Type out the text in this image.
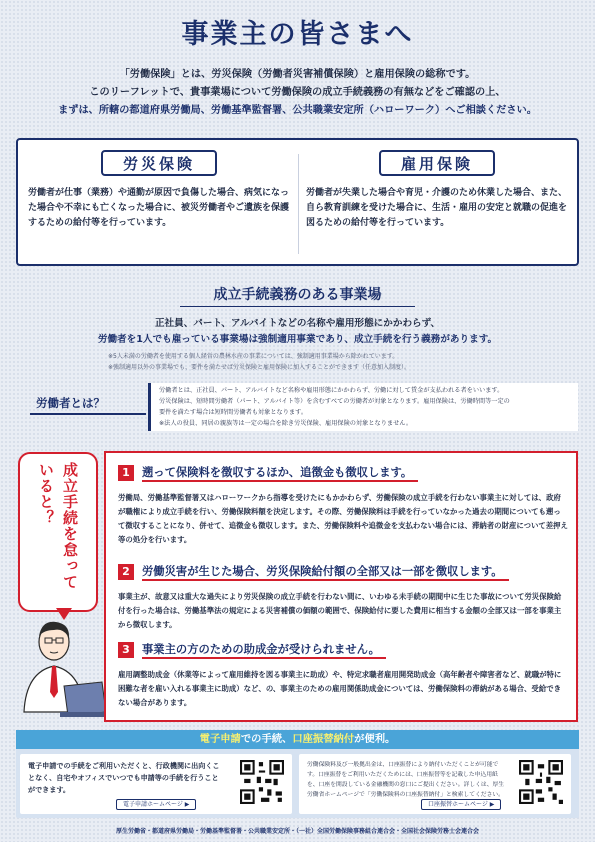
事業主の皆さまへ
「労働保険」とは、労災保険（労働者災害補償保険）と雇用保険の総称です。
このリーフレットで、貴事業場について労働保険の成立手続義務の有無などをご確認の上、
まずは、所轄の都道府県労働局、労働基準監督署、公共職業安定所（ハローワーク）へご相談ください。
労災保険
労働者が仕事（業務）や通勤が原因で負傷した場合、病気になった場合や不幸にも亡くなった場合に、被災労働者やご遺族を保護するための給付等を行っています。
雇用保険
労働者が失業した場合や育児・介護のため休業した場合、また、自ら教育訓練を受けた場合に、生活・雇用の安定と就職の促進を図るための給付等を行っています。
成立手続義務のある事業場
正社員、パート、アルバイトなどの名称や雇用形態にかかわらず、
労働者を1人でも雇っている事業場は強制適用事業であり、成立手続を行う義務があります。
※5人未満の労働者を使用する個人経営の農林水産の事業については、強制適用事業場から除かれています。
※強制適用以外の事業場でも、要件を満たせば労災保険と雇用保険に加入することができます（任意加入制度）。
労働者とは？
労働者とは、正社員、パート、アルバイトなど名称や雇用形態にかかわらず、労働に対して賃金が支払われる者をいいます。
労災保険は、短時間労働者（パート、アルバイト等）を含むすべての労働者が対象となります。雇用保険は、労働時間等一定の
要件を満たす場合は短時間労働者も対象となります。
※法人の役員、同居の親族等は一定の場合を除き労災保険、雇用保険の対象となりません。
成立手続を怠っていると？	1	遡って保険料を徴収するほか、追徴金も徴収します。
労働局、労働基準監督署又はハローワークから指導を受けたにもかかわらず、労働保険の成立手続を行わない事業主に対しては、政府が職権により成立手続を行い、労働保険料額を決定します。その際、労働保険料は手続を行っていなかった過去の期間についても遡って徴収することになり、併せて、追徴金も徴収します。また、労働保険料や追徴金を支払わない場合には、滞納者の財産について差押え等の処分を行います。
2	労働災害が生じた場合、労災保険給付額の全部又は一部を徴収します。
事業主が、故意又は重大な過失により労災保険の成立手続を行わない間に、いわゆる未手続の期間中に生じた事故について労災保険給付を行った場合は、労働基準法の規定による災害補償の価額の範囲で、保険給付に要した費用に相当する金額の全部又は一部を事業主から徴収します。
3	事業主の方のための助成金が受けられません。
雇用調整助成金（休業等によって雇用維持を図る事業主に助成）や、特定求職者雇用開発助成金（高年齢者や障害者など、就職が特に困難な者を雇い入れる事業主に助成）など、の、事業主のための雇用関係助成金については、労働保険料の滞納がある場合、受給できない場合があります。
電子申請での手続、口座振替納付が便利。
電子申請での手続をご利用いただくと、行政機関に出向くことなく、自宅やオフィスでいつでも申請等の手続を行うことができます。
電子申請ホームページ ▶
労働保険料及び一般拠出金は、口座振替により納付いただくことが可能です。口座振替をご利用いただくためには、口座振替等を記載した申込用紙を、口座を開設している金融機関の窓口にご提出ください。詳しくは、厚生労働省ホームページで「労働保険料の口座振替納付」と検索してください。
口座振替ホームページ ▶
厚生労働省・都道府県労働局・労働基準監督署・公共職業安定所・（一社）全国労働保険事務組合連合会・全国社会保険労務士会連合会
